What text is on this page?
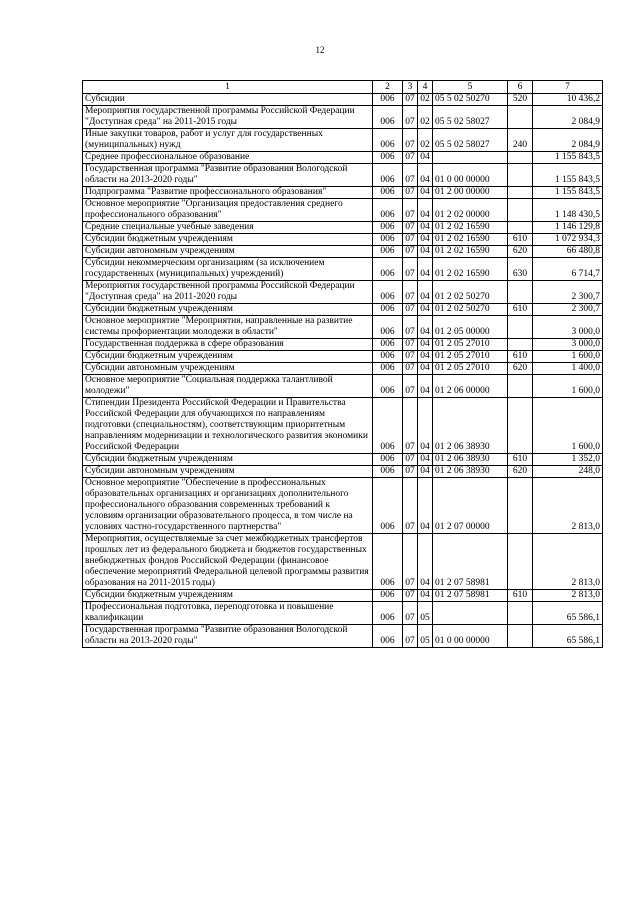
12
1	2	3	4	5	6	7
Субсидии	006	07	02	05 5 02 50270	520	10 436,2
Мероприятия государственной программы Российской Федерации "Доступная среда" на 2011-2015 годы	006	07	02	05 5 02 58027		2 084,9
Иные закупки товаров, работ и услуг для государственных (муниципальных) нужд	006	07	02	05 5 02 58027	240	2 084,9
Среднее профессиональное образование	006	07	04			1 155 843,5
Государственная программа "Развитие образования Вологодской области на 2013-2020 годы"	006	07	04	01 0 00 00000		1 155 843,5
Подпрограмма "Развитие профессионального образования"	006	07	04	01 2 00 00000		1 155 843,5
Основное мероприятие "Организация предоставления среднего профессионального образования"	006	07	04	01 2 02 00000		1 148 430,5
Средние специальные учебные заведения	006	07	04	01 2 02 16590		1 146 129,8
Субсидии бюджетным учреждениям	006	07	04	01 2 02 16590	610	1 072 934,3
Субсидии автономным учреждениям	006	07	04	01 2 02 16590	620	66 480,8
Субсидии некоммерческим организациям (за исключением государственных (муниципальных) учреждений)	006	07	04	01 2 02 16590	630	6 714,7
Мероприятия государственной программы Российской Федерации "Доступная среда" на 2011-2020 годы	006	07	04	01 2 02 50270		2 300,7
Субсидии бюджетным учреждениям	006	07	04	01 2 02 50270	610	2 300,7
Основное мероприятие "Мероприятия, направленные на развитие системы профориентации молодежи в области"	006	07	04	01 2 05 00000		3 000,0
Государственная поддержка в сфере образования	006	07	04	01 2 05 27010		3 000,0
Субсидии бюджетным учреждениям	006	07	04	01 2 05 27010	610	1 600,0
Субсидии автономным учреждениям	006	07	04	01 2 05 27010	620	1 400,0
Основное мероприятие "Социальная поддержка талантливой молодежи"	006	07	04	01 2 06 00000		1 600,0
Стипендии Президента Российской Федерации и Правительства Российской Федерации для обучающихся по направлениям подготовки (специальностям), соответствующим приоритетным направлениям модернизации и технологического развития экономики Российской Федерации	006	07	04	01 2 06 38930		1 600,0
Субсидии бюджетным учреждениям	006	07	04	01 2 06 38930	610	1 352,0
Субсидии автономным учреждениям	006	07	04	01 2 06 38930	620	248,0
Основное мероприятие "Обеспечение в профессиональных образовательных организациях и организациях дополнительного профессионального образования современных требований к условиям организации образовательного процесса, в том числе на условиях частно-государственного партнерства"	006	07	04	01 2 07 00000		2 813,0
Мероприятия, осуществляемые за счет межбюджетных трансфертов прошлых лет из федерального бюджета и бюджетов государственных внебюджетных фондов Российской Федерации (финансовое обеспечение мероприятий Федеральной целевой программы развития образования на 2011-2015 годы)	006	07	04	01 2 07 58981		2 813,0
Субсидии бюджетным учреждениям	006	07	04	01 2 07 58981	610	2 813,0
Профессиональная подготовка, переподготовка и повышение квалификации	006	07	05			65 586,1
Государственная программа "Развитие образования Вологодской области на 2013-2020 годы"	006	07	05	01 0 00 00000		65 586,1
